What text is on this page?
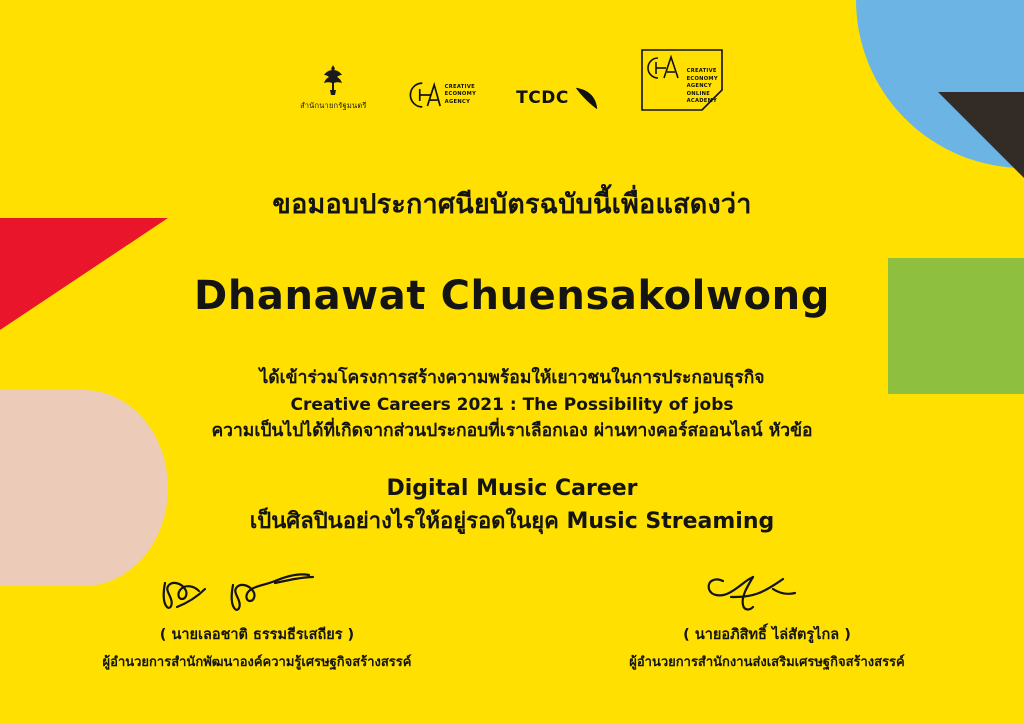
สำนักนายกรัฐมนตรี
CREATIVE
ECONOMY
AGENCY	TCDC
CREATIVE
ECONOMY
AGENCY
ONLINE
ACADEMY
ขอมอบประกาศนียบัตรฉบับนี้เพื่อแสดงว่า
Dhanawat Chuensakolwong
ได้เข้าร่วมโครงการสร้างความพร้อมให้เยาวชนในการประกอบธุรกิจ
Creative Careers 2021 : The Possibility of jobs
ความเป็นไปได้ที่เกิดจากส่วนประกอบที่เราเลือกเอง ผ่านทางคอร์สออนไลน์ หัวข้อ
Digital Music Career
เป็นศิลปินอย่างไรให้อยู่รอดในยุค Music Streaming
( นายเลอชาติ ธรรมธีรเสถียร )
ผู้อำนวยการสำนักพัฒนาองค์ความรู้เศรษฐกิจสร้างสรรค์
( นายอภิสิทธิ์ ไล่สัตรูไกล )
ผู้อำนวยการสำนักงานส่งเสริมเศรษฐกิจสร้างสรรค์
